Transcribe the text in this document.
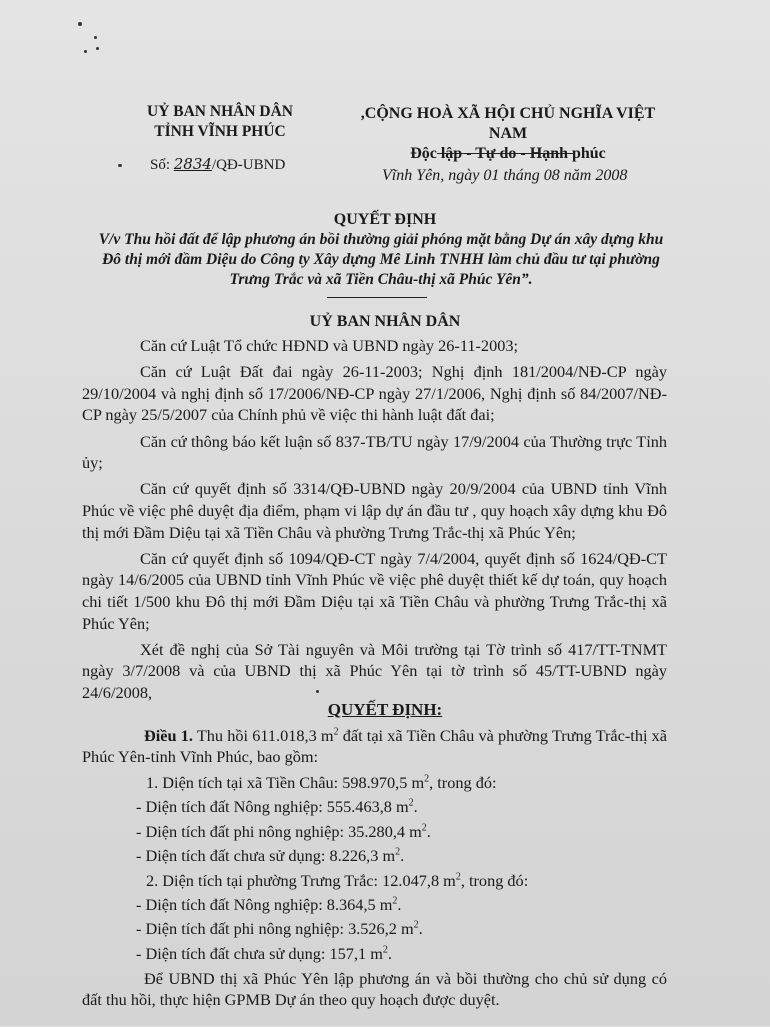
UỶ BAN NHÂN DÂN
TỈNH VĨNH PHÚC
Số: 2834/QĐ-UBND
,CỘNG HOÀ XÃ HỘI CHỦ NGHĨA VIỆT NAM
Độc lập - Tự do - Hạnh phúc
Vĩnh Yên, ngày 01 tháng 08 năm 2008
QUYẾT ĐỊNH
V/v Thu hồi đất để lập phương án bồi thường giải phóng mặt bằng Dự án xây dựng khu Đô thị mới đầm Diệu do Công ty Xây dựng Mê Linh TNHH làm chủ đầu tư tại phường Trưng Trắc và xã Tiền Châu-thị xã Phúc Yên”.
UỶ BAN NHÂN DÂN

Căn cứ Luật Tổ chức HĐND và UBND ngày 26-11-2003;

Căn cứ Luật Đất đai ngày 26-11-2003; Nghị định 181/2004/NĐ-CP ngày 29/10/2004 và nghị định số 17/2006/NĐ-CP ngày 27/1/2006, Nghị định số 84/2007/NĐ-CP ngày 25/5/2007 của Chính phủ về việc thi hành luật đất đai;

Căn cứ thông báo kết luận số 837-TB/TU ngày 17/9/2004 của Thường trực Tỉnh ủy;

Căn cứ quyết định số 3314/QĐ-UBND ngày 20/9/2004 của UBND tỉnh Vĩnh Phúc về việc phê duyệt địa điểm, phạm vi lập dự án đầu tư , quy hoạch xây dựng khu Đô thị mới Đầm Diệu tại xã Tiền Châu và phường Trưng Trắc-thị xã Phúc Yên;

Căn cứ quyết định số 1094/QĐ-CT ngày 7/4/2004, quyết định số 1624/QĐ-CT ngày 14/6/2005 của UBND tỉnh Vĩnh Phúc về việc phê duyệt thiết kế dự toán, quy hoạch chi tiết 1/500 khu Đô thị mới Đầm Diệu tại xã Tiền Châu và phường Trưng Trắc-thị xã Phúc Yên;

Xét đề nghị của Sở Tài nguyên và Môi trường tại Tờ trình số 417/TT-TNMT ngày 3/7/2008 và của UBND thị xã Phúc Yên tại tờ trình số 45/TT-UBND ngày 24/6/2008,

QUYẾT ĐỊNH:

Điều 1. Thu hồi 611.018,3 $m^2$ đất tại xã Tiền Châu và phường Trưng Trắc-thị xã Phúc Yên-tỉnh Vĩnh Phúc, bao gồm:

1. Diện tích tại xã Tiền Châu: 598.970,5 $m^2$, trong đó:
- Diện tích đất Nông nghiệp: 555.463,8 $m^2$.
- Diện tích đất phi nông nghiệp: 35.280,4 $m^2$.
- Diện tích đất chưa sử dụng: 8.226,3 $m^2$.
2. Diện tích tại phường Trưng Trắc: 12.047,8 $m^2$, trong đó:
- Diện tích đất Nông nghiệp: 8.364,5 $m^2$.
- Diện tích đất phi nông nghiệp: 3.526,2 $m^2$.
- Diện tích đất chưa sử dụng: 157,1 $m^2$.

Để UBND thị xã Phúc Yên lập phương án và bồi thường cho chủ sử dụng có đất thu hồi, thực hiện GPMB Dự án theo quy hoạch được duyệt.
